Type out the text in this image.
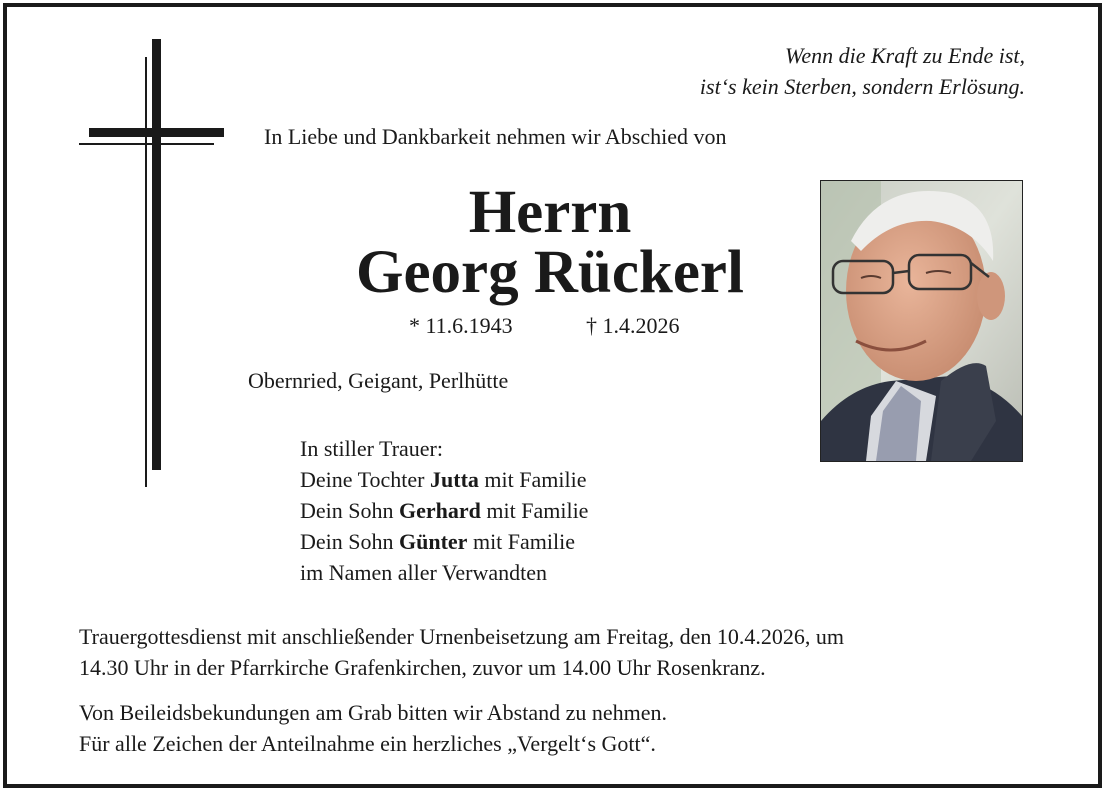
Wenn die Kraft zu Ende ist,
ist‘s kein Sterben, sondern Erlösung.
In Liebe und Dankbarkeit nehmen wir Abschied von
Herrn
Georg Rückerl
* 11.6.1943	† 1.4.2026
Obernried, Geigant, Perlhütte
In stiller Trauer:
Deine Tochter Jutta mit Familie
Dein Sohn Gerhard mit Familie
Dein Sohn Günter mit Familie
im Namen aller Verwandten
Trauergottesdienst mit anschließender Urnenbeisetzung am Freitag, den 10.4.2026, um
14.30 Uhr in der Pfarrkirche Grafenkirchen, zuvor um 14.00 Uhr Rosenkranz.
Von Beileidsbekundungen am Grab bitten wir Abstand zu nehmen.
Für alle Zeichen der Anteilnahme ein herzliches „Vergelt‘s Gott“.
